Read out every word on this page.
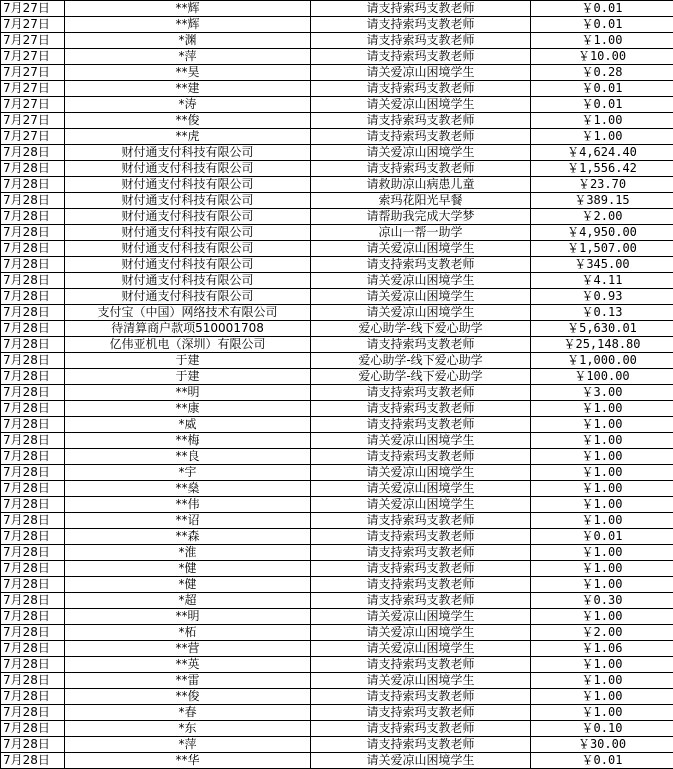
7月27日	**辉	请支持索玛支教老师	￥0.01
7月27日	**辉	请支持索玛支教老师	￥0.01
7月27日	*渊	请支持索玛支教老师	￥1.00
7月27日	*萍	请支持索玛支教老师	￥10.00
7月27日	**昊	请关爱凉山困境学生	￥0.28
7月27日	**建	请支持索玛支教老师	￥0.01
7月27日	*涛	请关爱凉山困境学生	￥0.01
7月27日	**俊	请支持索玛支教老师	￥1.00
7月27日	**虎	请支持索玛支教老师	￥1.00
7月28日	财付通支付科技有限公司	请关爱凉山困境学生	￥4,624.40
7月28日	财付通支付科技有限公司	请支持索玛支教老师	￥1,556.42
7月28日	财付通支付科技有限公司	请救助凉山病患儿童	￥23.70
7月28日	财付通支付科技有限公司	索玛花阳光早餐	￥389.15
7月28日	财付通支付科技有限公司	请帮助我完成大学梦	￥2.00
7月28日	财付通支付科技有限公司	凉山一帮一助学	￥4,950.00
7月28日	财付通支付科技有限公司	请关爱凉山困境学生	￥1,507.00
7月28日	财付通支付科技有限公司	请支持索玛支教老师	￥345.00
7月28日	财付通支付科技有限公司	请关爱凉山困境学生	￥4.11
7月28日	财付通支付科技有限公司	请关爱凉山困境学生	￥0.93
7月28日	支付宝（中国）网络技术有限公司	请关爱凉山困境学生	￥0.13
7月28日	待清算商户款项510001708	爱心助学-线下爱心助学	￥5,630.01
7月28日	亿伟亚机电（深圳）有限公司	请支持索玛支教老师	￥25,148.80
7月28日	于建	爱心助学-线下爱心助学	￥1,000.00
7月28日	于建	爱心助学-线下爱心助学	￥100.00
7月28日	**明	请支持索玛支教老师	￥3.00
7月28日	**康	请支持索玛支教老师	￥1.00
7月28日	*威	请支持索玛支教老师	￥1.00
7月28日	**梅	请关爱凉山困境学生	￥1.00
7月28日	**良	请支持索玛支教老师	￥1.00
7月28日	*宇	请关爱凉山困境学生	￥1.00
7月28日	**燊	请关爱凉山困境学生	￥1.00
7月28日	**伟	请关爱凉山困境学生	￥1.00
7月28日	**诏	请支持索玛支教老师	￥1.00
7月28日	**森	请支持索玛支教老师	￥0.01
7月28日	*淮	请支持索玛支教老师	￥1.00
7月28日	*健	请支持索玛支教老师	￥1.00
7月28日	*健	请支持索玛支教老师	￥1.00
7月28日	*超	请支持索玛支教老师	￥0.30
7月28日	**明	请关爱凉山困境学生	￥1.00
7月28日	*柘	请关爱凉山困境学生	￥2.00
7月28日	**营	请关爱凉山困境学生	￥1.06
7月28日	**英	请支持索玛支教老师	￥1.00
7月28日	**雷	请关爱凉山困境学生	￥1.00
7月28日	**俊	请支持索玛支教老师	￥1.00
7月28日	*春	请支持索玛支教老师	￥1.00
7月28日	*东	请支持索玛支教老师	￥0.10
7月28日	*萍	请支持索玛支教老师	￥30.00
7月28日	**华	请关爱凉山困境学生	￥0.01
